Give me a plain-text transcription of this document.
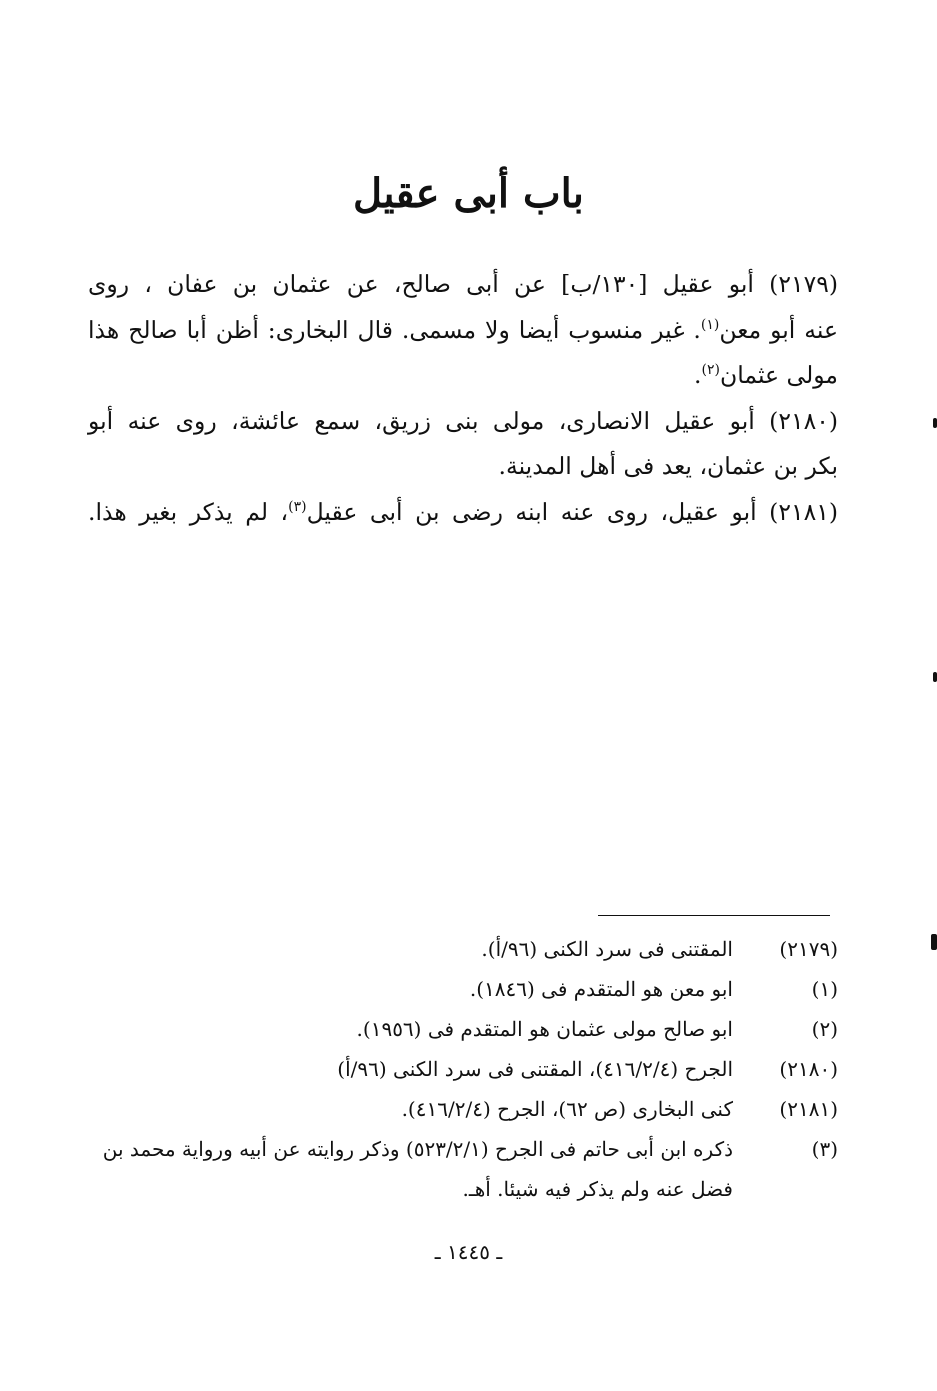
باب أبى عقيل

(٢١٧٩) أبو عقيل [١٣٠/ب] عن أبى صالح، عن عثمان بن عفان ، روى

عنه أبو معن$^{(١)}$. غير منسوب أيضا ولا مسمى. قال البخارى: أظن أبا صالح هذا

مولى عثمان$^{(٢)}$.

(٢١٨٠) أبو عقيل الانصارى، مولى بنى زريق، سمع عائشة، روى عنه أبو

بكر بن عثمان، يعد فى أهل المدينة.

(٢١٨١) أبو عقيل، روى عنه ابنه رضى بن أبى عقيل$^{(٣)}$، لم يذكر بغير هذا.

(٢١٧٩)
المقتنى فى سرد الكنى (٩٦/أ).
(١)
ابو معن هو المتقدم فى (١٨٤٦).
(٢)
ابو صالح مولى عثمان هو المتقدم فى (١٩٥٦).
(٢١٨٠)
الجرح (٤١٦/٢/٤)، المقتنى فى سرد الكنى (٩٦/أ)
(٢١٨١)
كنى البخارى (ص ٦٢)، الجرح (٤١٦/٢/٤).
(٣)
ذكره ابن أبى حاتم فى الجرح (٥٢٣/٢/١) وذكر روايته عن أبيه ورواية محمد بن فضل عنه ولم يذكر فيه شيئا. أهـ.
ـ ١٤٤٥ ـ
